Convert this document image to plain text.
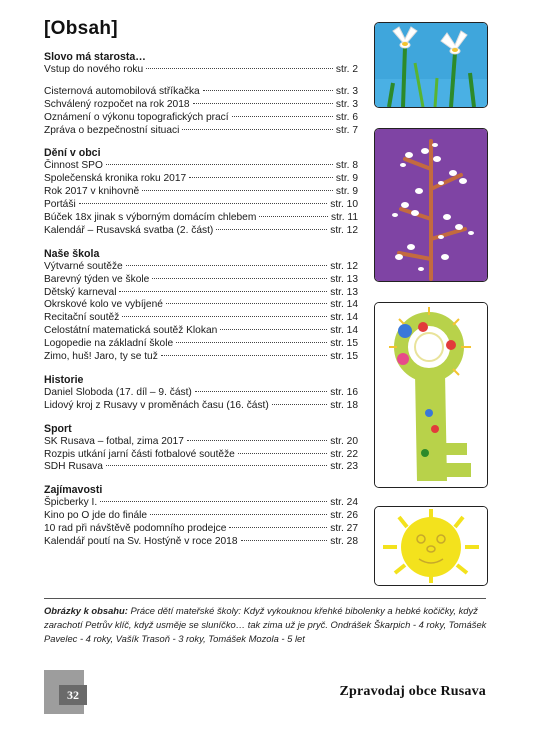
[Obsah]
Slovo má starosta…
Vstup do nového roku	str. 2
Cisternová automobilová stříkačka	str. 3
Schválený rozpočet na rok 2018	str. 3
Oznámení o výkonu topografických prací	str. 6
Zpráva o bezpečnostní situaci	str. 7
Dění v obci
Činnost SPO	str. 8
Společenská kronika roku 2017	str. 9
Rok 2017 v knihovně	str. 9
Portáši	str. 10
Búček 18x jinak s výborným domácím chlebem	str. 11
Kalendář – Rusavská svatba (2. část)	str. 12
Naše škola
Výtvarné soutěže	str. 12
Barevný týden ve škole	str. 13
Dětský karneval	str. 13
Okrskové kolo ve vybíjené	str. 14
Recitační soutěž	str. 14
Celostátní matematická soutěž Klokan	str. 14
Logopedie na základní škole	str. 15
Zimo, huš! Jaro, ty se tuž	str. 15
Historie
Daniel Sloboda (17. díl – 9. část)	str. 16
Lidový kroj z Rusavy v proměnách času (16. část)	str. 18
Sport
SK Rusava – fotbal, zima 2017	str. 20
Rozpis utkání jarní části fotbalové soutěže	str. 22
SDH Rusava	str. 23
Zajímavosti
Špicberky I.	str. 24
Kino po O jde do finále	str. 26
10 rad při návštěvě podomního prodejce	str. 27
Kalendář poutí na Sv. Hostýně v roce 2018	str. 28
Obrázky k obsahu: Práce dětí mateřské školy: Když vykouknou křehké bibolenky a hebké kočičky, když zarachotí Petrův klíč, když usměje se sluníčko… tak zima už je pryč. Ondrášek Škarpich - 4 roky, Tomášek Pavelec - 4 roky, Vašík Trasoň - 3 roky, Tomášek Mozola - 5 let
32	Zpravodaj obce Rusava
